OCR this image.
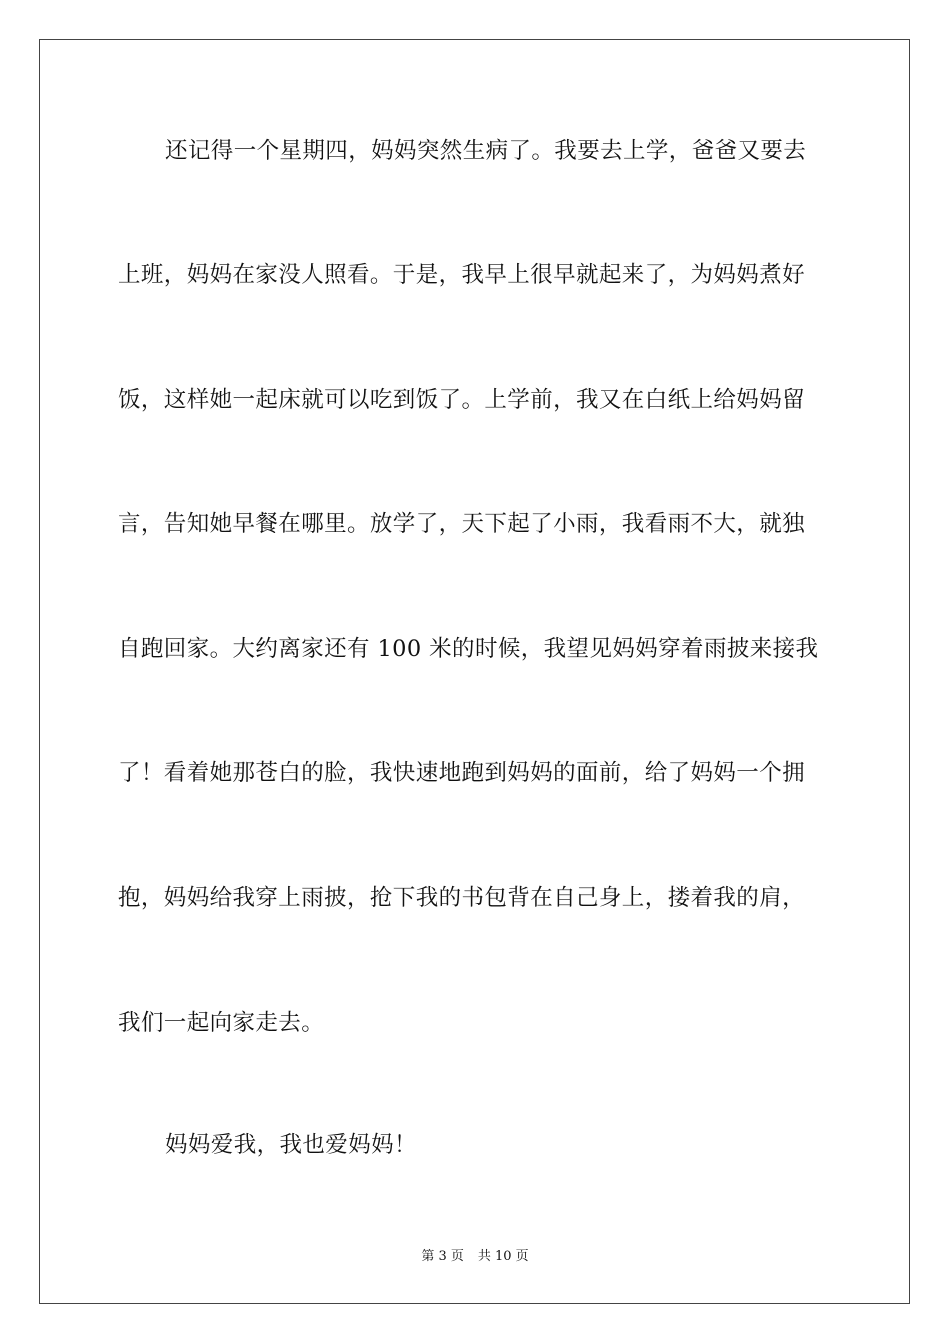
还记得一个星期四，妈妈突然生病了。我要去上学，爸爸又要去
上班，妈妈在家没人照看。于是，我早上很早就起来了，为妈妈煮好
饭，这样她一起床就可以吃到饭了。上学前，我又在白纸上给妈妈留
言，告知她早餐在哪里。放学了，天下起了小雨，我看雨不大，就独
自跑回家。大约离家还有 100 米的时候，我望见妈妈穿着雨披来接我
了！看着她那苍白的脸，我快速地跑到妈妈的面前，给了妈妈一个拥
抱，妈妈给我穿上雨披，抢下我的书包背在自己身上，搂着我的肩，
我们一起向家走去。
妈妈爱我，我也爱妈妈！
第 3 页 共 10 页
